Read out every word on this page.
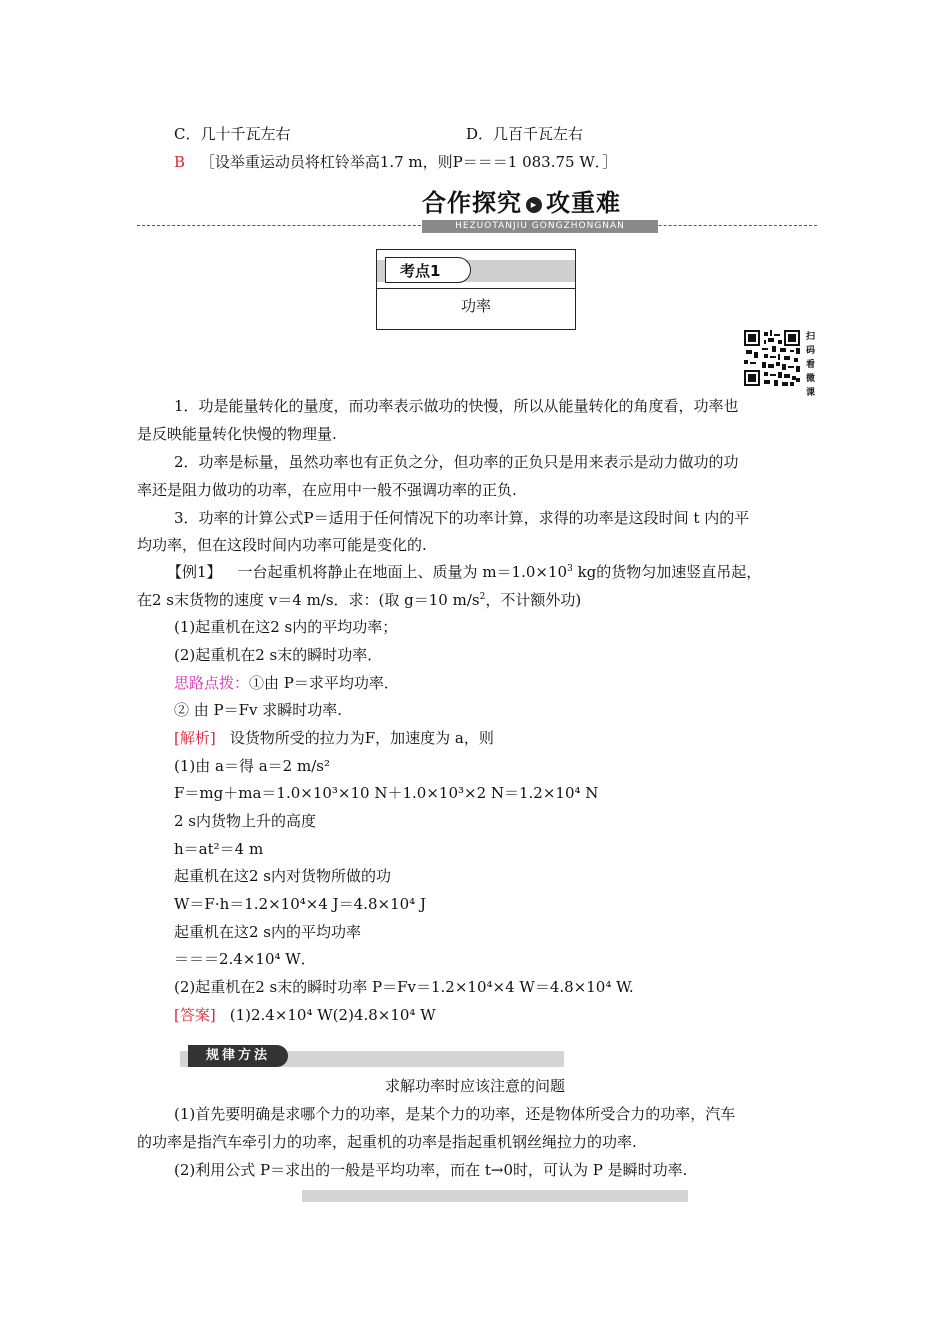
C．几十千瓦左右	D．几百千瓦左右
B ［设举重运动员将杠铃举高1.7 m，则P＝＝＝1 083.75 W．］
合作探究 ▸ 攻重难
HEZUOTANJIU GONGZHONGNAN
考点1
功率
扫码看微课
1．功是能量转化的量度，而功率表示做功的快慢，所以从能量转化的角度看，功率也
是反映能量转化快慢的物理量.
2．功率是标量，虽然功率也有正负之分，但功率的正负只是用来表示是动力做功的功
率还是阻力做功的功率，在应用中一般不强调功率的正负.
3．功率的计算公式P＝适用于任何情况下的功率计算，求得的功率是这段时间 t 内的平
均功率，但在这段时间内功率可能是变化的.
【例1】 一台起重机将静止在地面上、质量为 $m=1.0\times 10^3$ kg的货物匀加速竖直吊起，
在2 s末货物的速度 v＝4 m/s．求：(取 g＝10 $m/s^2$，不计额外功)
(1)起重机在这2 s内的平均功率；
(2)起重机在2 s末的瞬时功率．
思路点拨：①由 P＝求平均功率．
② 由 P＝Fv 求瞬时功率.
[解析] 设货物所受的拉力为F，加速度为 a，则
(1)由 a＝得 a＝2 m/s²
F＝mg＋ma＝1.0×10³×10 N＋1.0×10³×2 N＝1.2×10⁴ N
2 s内货物上升的高度
h＝at²＝4 m
起重机在这2 s内对货物所做的功
W＝F·h＝1.2×10⁴×4 J＝4.8×10⁴ J
起重机在这2 s内的平均功率
＝＝＝2.4×10⁴ W．
(2)起重机在2 s末的瞬时功率 P＝Fv＝1.2×10⁴×4 W＝4.8×10⁴ W.
[答案] (1)2.4×10⁴ W(2)4.8×10⁴ W
规律方法
求解功率时应该注意的问题
(1)首先要明确是求哪个力的功率，是某个力的功率，还是物体所受合力的功率，汽车
的功率是指汽车牵引力的功率，起重机的功率是指起重机钢丝绳拉力的功率.
(2)利用公式 P＝求出的一般是平均功率，而在 t→0时，可认为 P 是瞬时功率.
